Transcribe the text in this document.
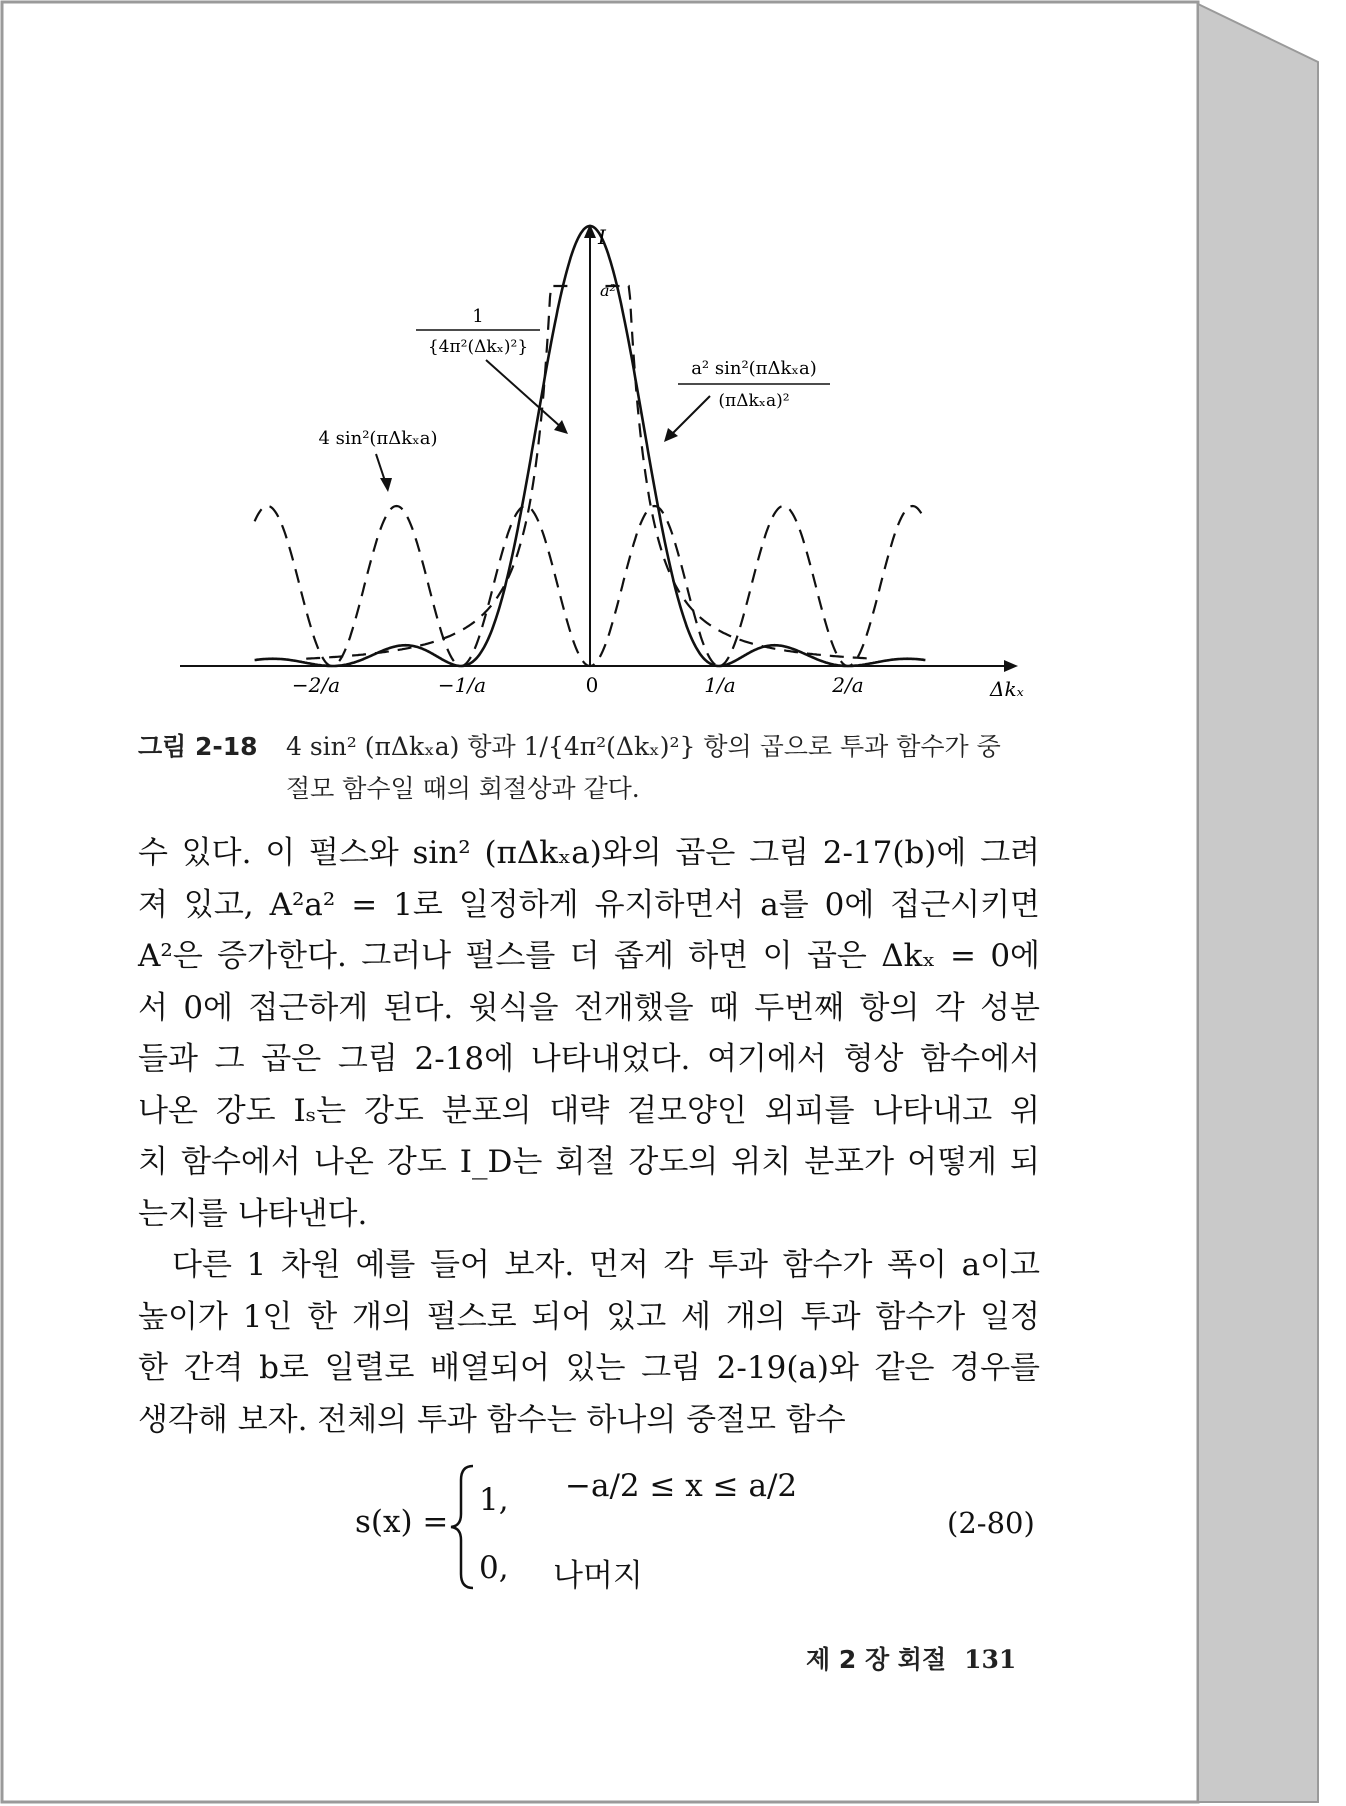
I
a²
Δkₓ
−2/a	−1/a	0	1/a	2/a
1
{4π²(Δkₓ)²}
4 sin²(πΔkₓa)
a² sin²(πΔkₓa)
(πΔkₓa)²
그림 2-18 4 sin² (πΔkₓa) 항과 1/{4π²(Δkₓ)²} 항의 곱으로 투과 함수가 중
절모 함수일 때의 회절상과 같다.
수 있다. 이 펄스와 sin² (πΔkₓa)와의 곱은 그림 2-17(b)에 그려
져 있고, A²a² = 1로 일정하게 유지하면서 a를 0에 접근시키면
A²은 증가한다. 그러나 펄스를 더 좁게 하면 이 곱은 Δkₓ = 0에
서 0에 접근하게 된다. 윗식을 전개했을 때 두번째 항의 각 성분
들과 그 곱은 그림 2-18에 나타내었다. 여기에서 형상 함수에서
나온 강도 Iₛ는 강도 분포의 대략 겉모양인 외피를 나타내고 위
치 함수에서 나온 강도 I_D는 회절 강도의 위치 분포가 어떻게 되
는지를 나타낸다.
다른 1 차원 예를 들어 보자. 먼저 각 투과 함수가 폭이 a이고
높이가 1인 한 개의 펄스로 되어 있고 세 개의 투과 함수가 일정
한 간격 b로 일렬로 배열되어 있는 그림 2-19(a)와 같은 경우를
생각해 보자. 전체의 투과 함수는 하나의 중절모 함수
s(x) =
1, −a/2 ≤ x ≤ a/2
0, 나머지
(2-80)
제 2 장 회절 131
